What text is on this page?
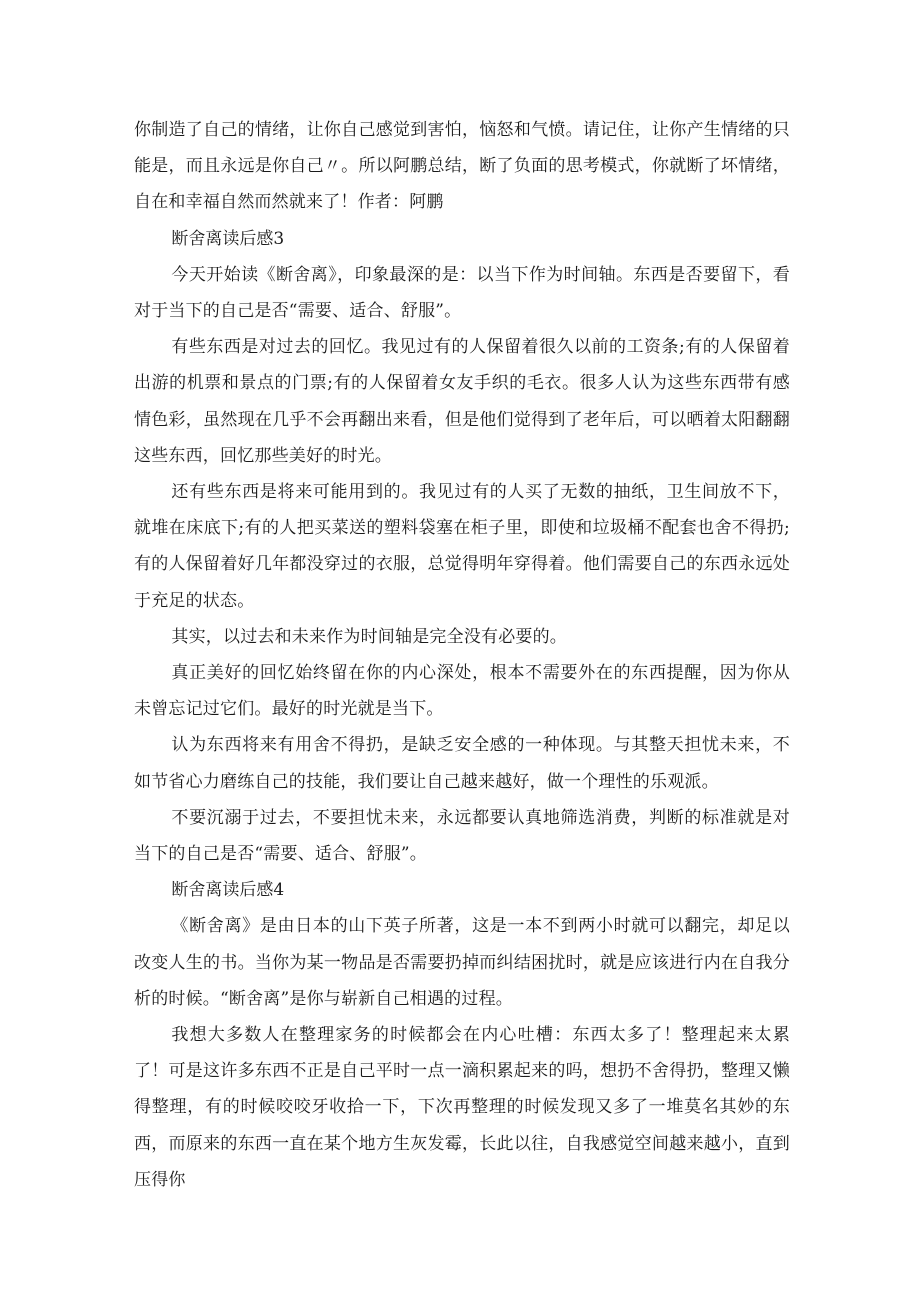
你制造了自己的情绪，让你自己感觉到害怕，恼怒和气愤。请记住，让你产生情绪的只能是，而且永远是你自己〃。所以阿鹏总结，断了负面的思考模式，你就断了坏情绪，自在和幸福自然而然就来了！作者：阿鹏

断舍离读后感3

今天开始读《断舍离》，印象最深的是：以当下作为时间轴。东西是否要留下，看对于当下的自己是否“需要、适合、舒服”。

有些东西是对过去的回忆。我见过有的人保留着很久以前的工资条;有的人保留着出游的机票和景点的门票;有的人保留着女友手织的毛衣。很多人认为这些东西带有感情色彩，虽然现在几乎不会再翻出来看，但是他们觉得到了老年后，可以晒着太阳翻翻这些东西，回忆那些美好的时光。

还有些东西是将来可能用到的。我见过有的人买了无数的抽纸，卫生间放不下，就堆在床底下;有的人把买菜送的塑料袋塞在柜子里，即使和垃圾桶不配套也舍不得扔;有的人保留着好几年都没穿过的衣服，总觉得明年穿得着。他们需要自己的东西永远处于充足的状态。

其实，以过去和未来作为时间轴是完全没有必要的。

真正美好的回忆始终留在你的内心深处，根本不需要外在的东西提醒，因为你从未曾忘记过它们。最好的时光就是当下。

认为东西将来有用舍不得扔，是缺乏安全感的一种体现。与其整天担忧未来，不如节省心力磨练自己的技能，我们要让自己越来越好，做一个理性的乐观派。

不要沉溺于过去，不要担忧未来，永远都要认真地筛选消费，判断的标准就是对当下的自己是否“需要、适合、舒服”。

断舍离读后感4

《断舍离》是由日本的山下英子所著，这是一本不到两小时就可以翻完，却足以改变人生的书。当你为某一物品是否需要扔掉而纠结困扰时，就是应该进行内在自我分析的时候。“断舍离”是你与崭新自己相遇的过程。

我想大多数人在整理家务的时候都会在内心吐槽：东西太多了！整理起来太累了！可是这许多东西不正是自己平时一点一滴积累起来的吗，想扔不舍得扔，整理又懒得整理，有的时候咬咬牙收拾一下，下次再整理的时候发现又多了一堆莫名其妙的东西，而原来的东西一直在某个地方生灰发霉，长此以往，自我感觉空间越来越小，直到压得你
